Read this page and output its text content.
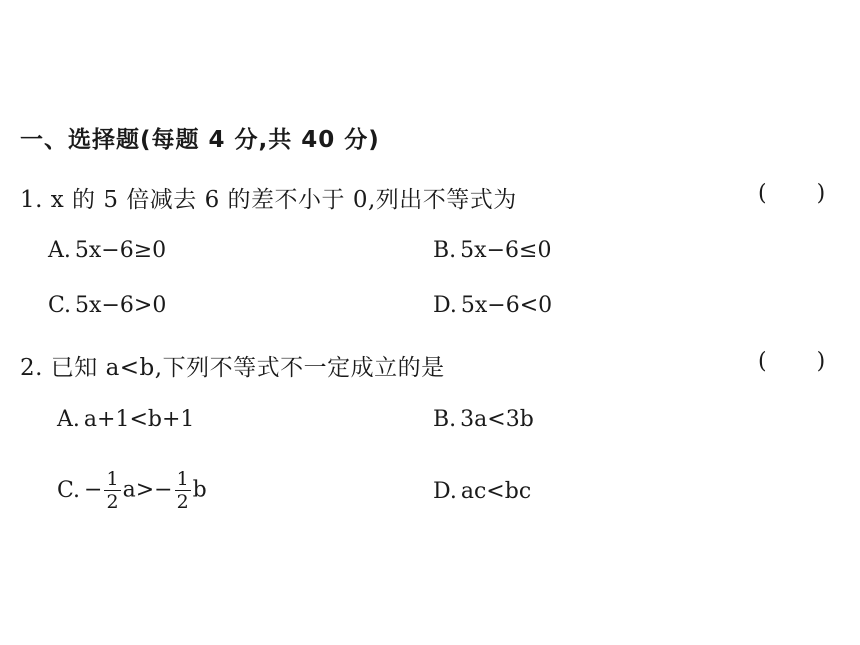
一、选择题(每题 4 分,共 40 分)
1. x 的 5 倍减去 6 的差不小于 0,列出不等式为	( )
A. 5x−6≥0	B. 5x−6≤0
C. 5x−6>0	D. 5x−6<0
2. 已知 a<b,下列不等式不一定成立的是	( )
A. a+1<b+1	B. 3a<3b
C. − $\frac{1}{2} a>- \frac{1}{2}$ b	D. ac<bc
